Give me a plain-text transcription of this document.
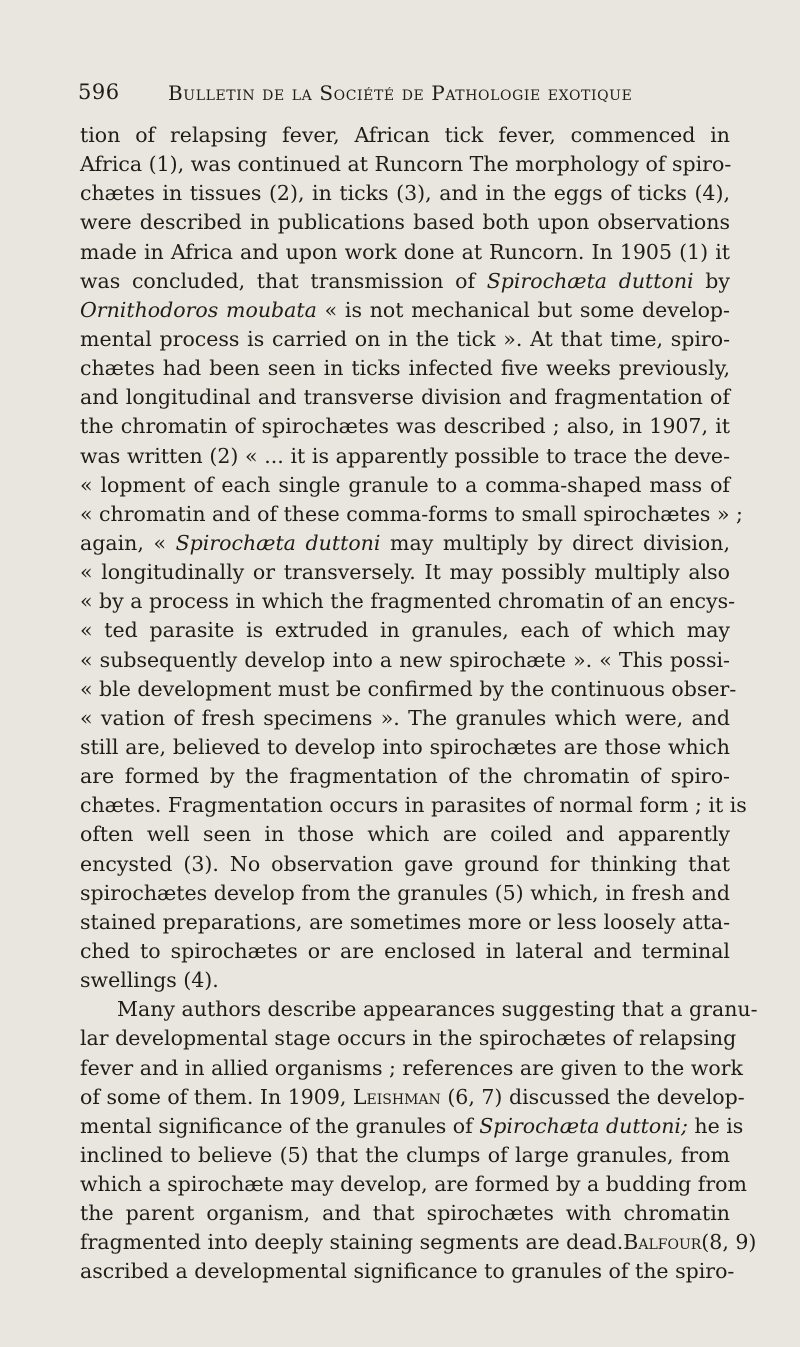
596 Bulletin de la Société de Pathologie exotique
tion of relapsing fever, African tick fever, commenced in
Africa (1), was continued at Runcorn The morphology of spiro-
chætes in tissues (2), in ticks (3), and in the eggs of ticks (4),
were described in publications based both upon observations
made in Africa and upon work done at Runcorn. In 1905 (1) it
was concluded, that transmission of Spirochæta duttoni by
Ornithodoros moubata « is not mechanical but some develop-
mental process is carried on in the tick ». At that time, spiro-
chætes had been seen in ticks infected five weeks previously,
and longitudinal and transverse division and fragmentation of
the chromatin of spirochætes was described ; also, in 1907, it
was written (2) « ... it is apparently possible to trace the deve-
« lopment of each single granule to a comma-shaped mass of
« chromatin and of these comma-forms to small spirochætes » ;
again, « Spirochæta duttoni may multiply by direct division,
« longitudinally or transversely. It may possibly multiply also
« by a process in which the fragmented chromatin of an encys-
« ted parasite is extruded in granules, each of which may
« subsequently develop into a new spirochæte ». « This possi-
« ble development must be confirmed by the continuous obser-
« vation of fresh specimens ». The granules which were, and
still are, believed to develop into spirochætes are those which
are formed by the fragmentation of the chromatin of spiro-
chætes. Fragmentation occurs in parasites of normal form ; it is
often well seen in those which are coiled and apparently
encysted (3). No observation gave ground for thinking that
spirochætes develop from the granules (5) which, in fresh and
stained preparations, are sometimes more or less loosely atta-
ched to spirochætes or are enclosed in lateral and terminal
swellings (4).
Many authors describe appearances suggesting that a granu-
lar developmental stage occurs in the spirochætes of relapsing
fever and in allied organisms ; references are given to the work
of some of them. In 1909, Leishman (6, 7) discussed the develop-
mental significance of the granules of Spirochæta duttoni; he is
inclined to believe (5) that the clumps of large granules, from
which a spirochæte may develop, are formed by a budding from
the parent organism, and that spirochætes with chromatin
fragmented into deeply staining segments are dead.Balfour(8, 9)
ascribed a developmental significance to granules of the spiro-
